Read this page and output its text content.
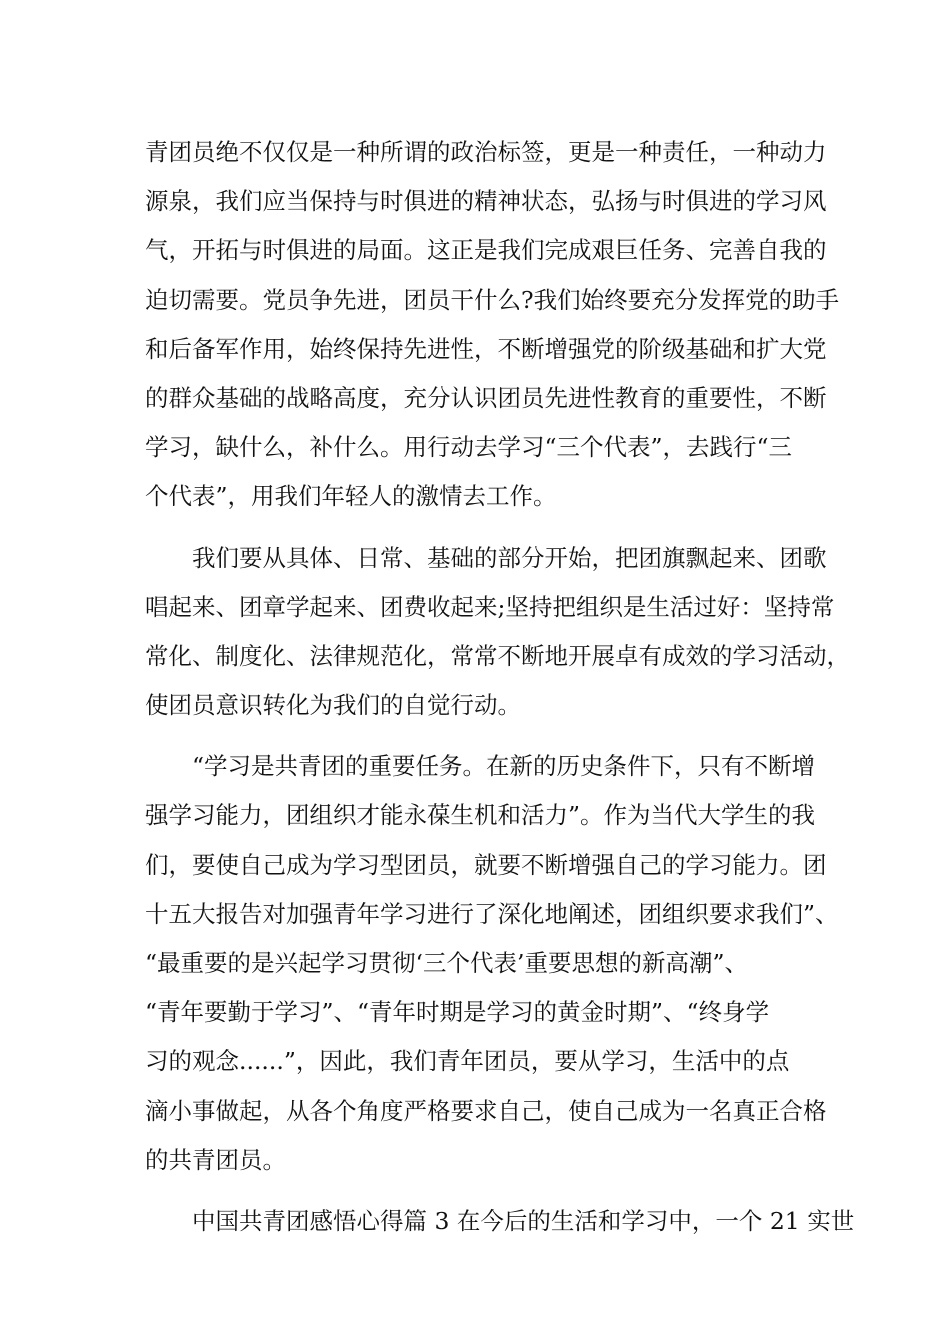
青团员绝不仅仅是一种所谓的政治标签，更是一种责任，一种动力
源泉，我们应当保持与时俱进的精神状态，弘扬与时俱进的学习风
气，开拓与时俱进的局面。这正是我们完成艰巨任务、完善自我的
迫切需要。党员争先进，团员干什么?我们始终要充分发挥党的助手
和后备军作用，始终保持先进性，不断增强党的阶级基础和扩大党
的群众基础的战略高度，充分认识团员先进性教育的重要性，不断
学习，缺什么，补什么。用行动去学习“三个代表”，去践行“三
个代表”，用我们年轻人的激情去工作。
　　我们要从具体、日常、基础的部分开始，把团旗飘起来、团歌
唱起来、团章学起来、团费收起来;坚持把组织是生活过好：坚持常
常化、制度化、法律规范化，常常不断地开展卓有成效的学习活动，
使团员意识转化为我们的自觉行动。
　　“学习是共青团的重要任务。在新的历史条件下，只有不断增
强学习能力，团组织才能永葆生机和活力”。作为当代大学生的我
们，要使自己成为学习型团员，就要不断增强自己的学习能力。团
十五大报告对加强青年学习进行了深化地阐述，团组织要求我们”、
“最重要的是兴起学习贯彻‘三个代表’重要思想的新高潮”、
“青年要勤于学习”、“青年时期是学习的黄金时期”、“终身学
习的观念......”，因此，我们青年团员，要从学习，生活中的点
滴小事做起，从各个角度严格要求自己，使自己成为一名真正合格
的共青团员。
　　中国共青团感悟心得篇 3 在今后的生活和学习中，一个 21 实世
